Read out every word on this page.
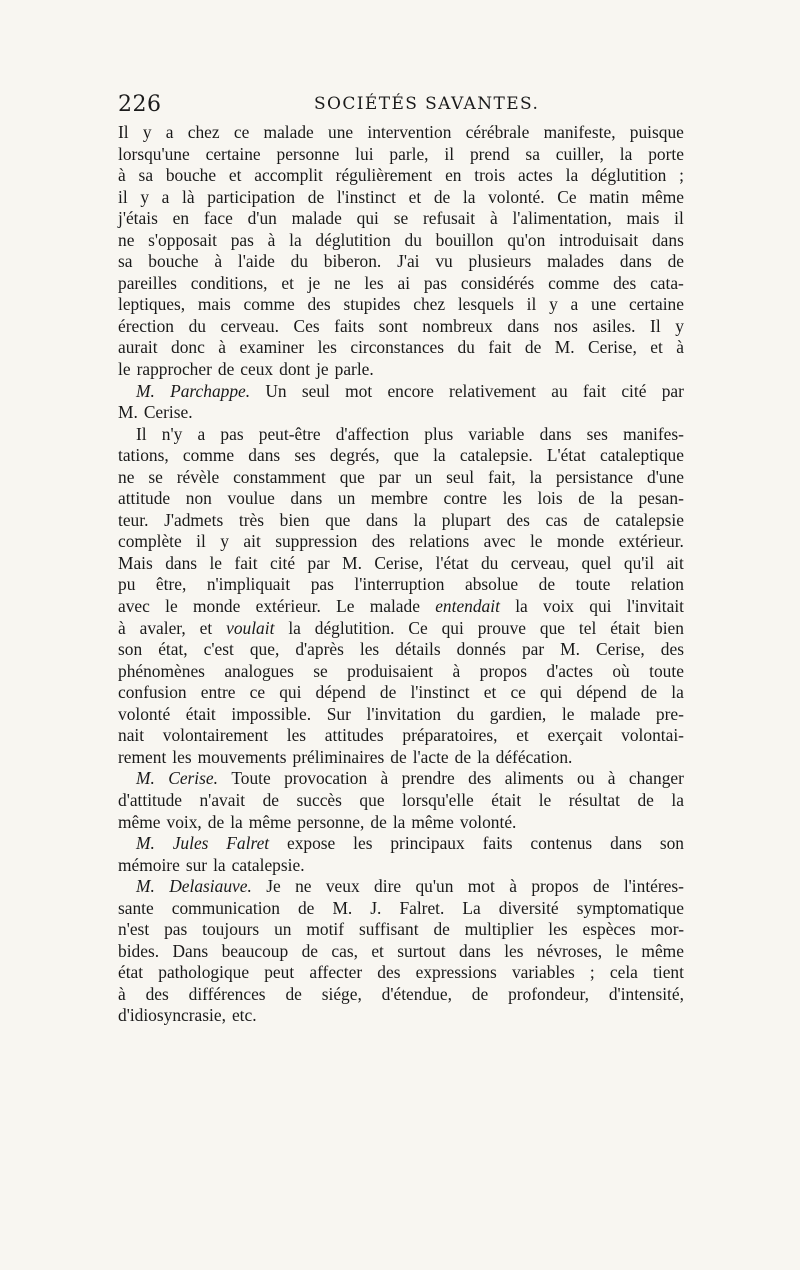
226	SOCIÉTÉS SAVANTES.
Il y a chez ce malade une intervention cérébrale manifeste, puisque
lorsqu'une certaine personne lui parle, il prend sa cuiller, la porte
à sa bouche et accomplit régulièrement en trois actes la déglutition ;
il y a là participation de l'instinct et de la volonté. Ce matin même
j'étais en face d'un malade qui se refusait à l'alimentation, mais il
ne s'opposait pas à la déglutition du bouillon qu'on introduisait dans
sa bouche à l'aide du biberon. J'ai vu plusieurs malades dans de
pareilles conditions, et je ne les ai pas considérés comme des cata-
leptiques, mais comme des stupides chez lesquels il y a une certaine
érection du cerveau. Ces faits sont nombreux dans nos asiles. Il y
aurait donc à examiner les circonstances du fait de M. Cerise, et à
le rapprocher de ceux dont je parle.
M. Parchappe. Un seul mot encore relativement au fait cité par
M. Cerise.
Il n'y a pas peut-être d'affection plus variable dans ses manifes-
tations, comme dans ses degrés, que la catalepsie. L'état cataleptique
ne se révèle constamment que par un seul fait, la persistance d'une
attitude non voulue dans un membre contre les lois de la pesan-
teur. J'admets très bien que dans la plupart des cas de catalepsie
complète il y ait suppression des relations avec le monde extérieur.
Mais dans le fait cité par M. Cerise, l'état du cerveau, quel qu'il ait
pu être, n'impliquait pas l'interruption absolue de toute relation
avec le monde extérieur. Le malade entendait la voix qui l'invitait
à avaler, et voulait la déglutition. Ce qui prouve que tel était bien
son état, c'est que, d'après les détails donnés par M. Cerise, des
phénomènes analogues se produisaient à propos d'actes où toute
confusion entre ce qui dépend de l'instinct et ce qui dépend de la
volonté était impossible. Sur l'invitation du gardien, le malade pre-
nait volontairement les attitudes préparatoires, et exerçait volontai-
rement les mouvements préliminaires de l'acte de la défécation.
M. Cerise. Toute provocation à prendre des aliments ou à changer
d'attitude n'avait de succès que lorsqu'elle était le résultat de la
même voix, de la même personne, de la même volonté.
M. Jules Falret expose les principaux faits contenus dans son
mémoire sur la catalepsie.
M. Delasiauve. Je ne veux dire qu'un mot à propos de l'intéres-
sante communication de M. J. Falret. La diversité symptomatique
n'est pas toujours un motif suffisant de multiplier les espèces mor-
bides. Dans beaucoup de cas, et surtout dans les névroses, le même
état pathologique peut affecter des expressions variables ; cela tient
à des différences de siége, d'étendue, de profondeur, d'intensité,
d'idiosyncrasie, etc.
